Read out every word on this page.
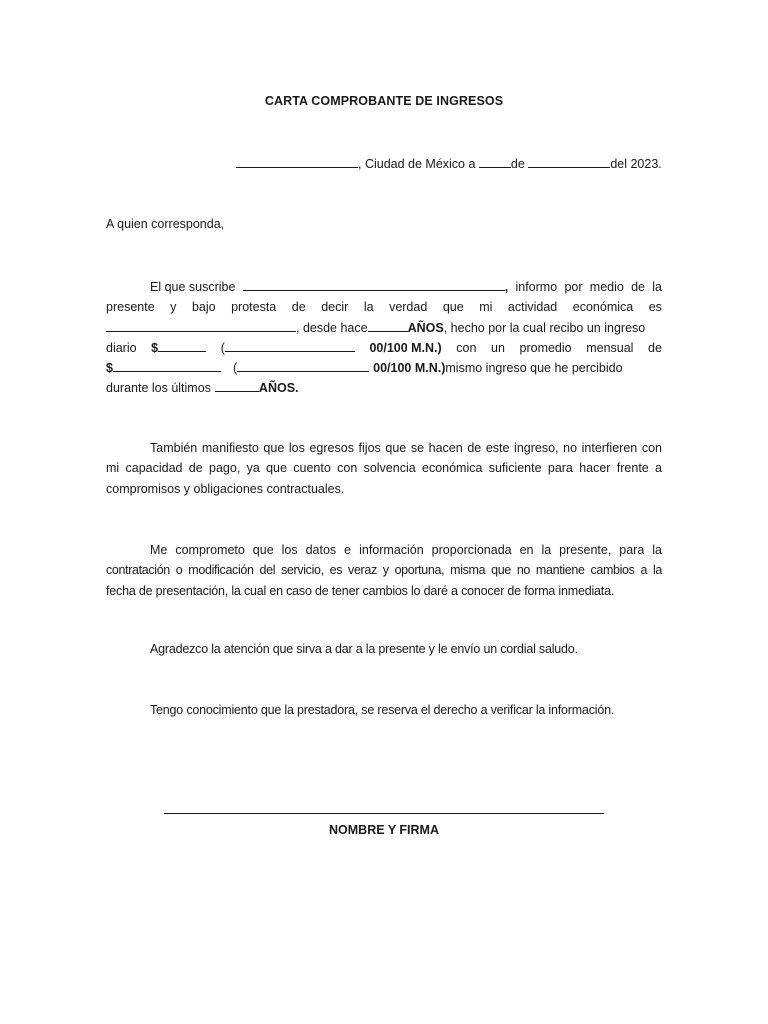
CARTA COMPROBANTE DE INGRESOS
, Ciudad de México a	de	del 2023.
A quien corresponda,
El que suscribe	, informo por medio de la
presente y bajo protesta de decir la verdad que mi actividad económica es
, desde hace	AÑOS, hecho por la cual recibo un ingreso
diario $	(	00/100 M.N.) con un promedio mensual de
$	(	00/100 M.N.) mismo ingreso que he percibido
durante los últimos	AÑOS.
También manifiesto que los egresos fijos que se hacen de este ingreso, no interfieren con
mi capacidad de pago, ya que cuento con solvencia económica suficiente para hacer frente a
compromisos y obligaciones contractuales.
Me comprometo que los datos e información proporcionada en la presente, para la
contratación o modificación del servicio, es veraz y oportuna, misma que no mantiene cambios a la
fecha de presentación, la cual en caso de tener cambios lo daré a conocer de forma inmediata.
Agradezco la atención que sirva a dar a la presente y le envío un cordial saludo.
Tengo conocimiento que la prestadora, se reserva el derecho a verificar la información.
NOMBRE Y FIRMA
